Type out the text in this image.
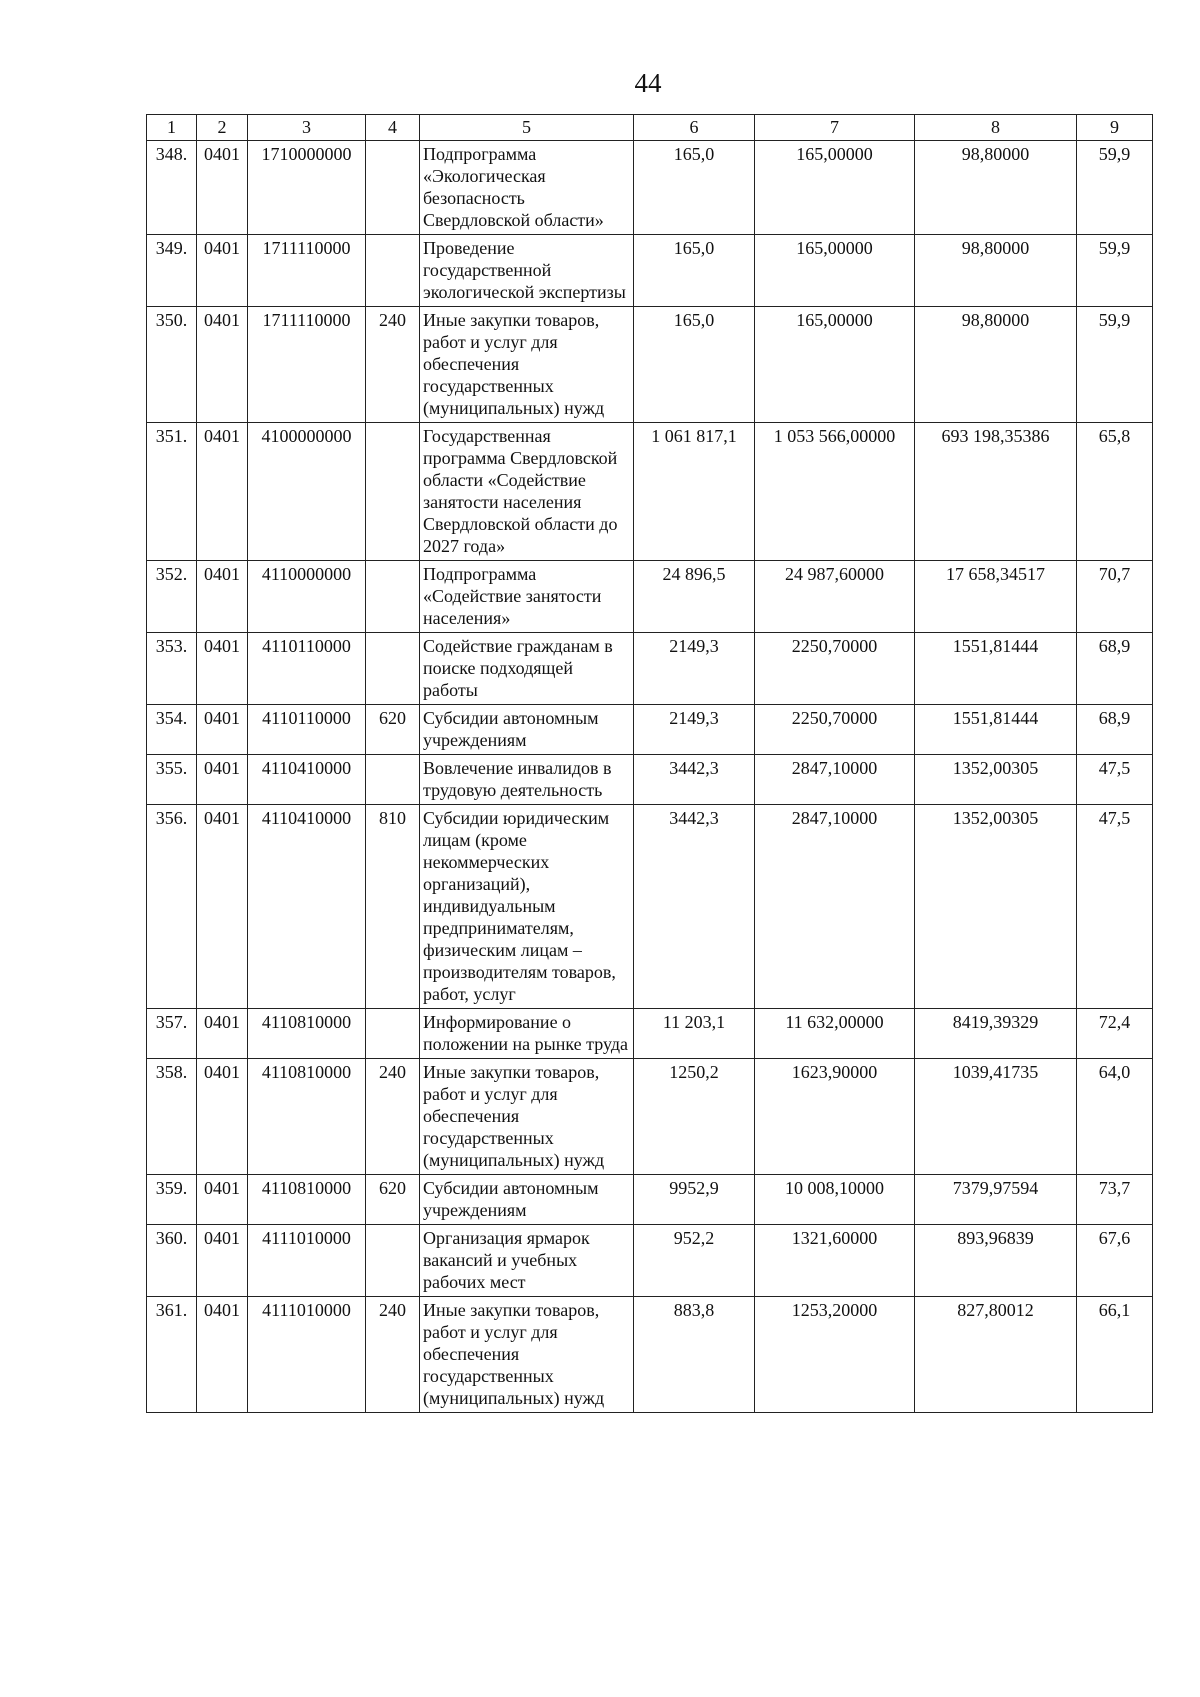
44
1	2	3	4	5	6	7	8	9
348.	0401	1710000000		Подпрограмма «Экологическая безопасность Свердловской области»	165,0	165,00000	98,80000	59,9
349.	0401	1711110000		Проведение государственной экологической экспертизы	165,0	165,00000	98,80000	59,9
350.	0401	1711110000	240	Иные закупки товаров, работ и услуг для обеспечения государственных (муниципальных) нужд	165,0	165,00000	98,80000	59,9
351.	0401	4100000000		Государственная программа Свердловской области «Содействие занятости населения Свердловской области до 2027 года»	1 061 817,1	1 053 566,00000	693 198,35386	65,8
352.	0401	4110000000		Подпрограмма «Содействие занятости населения»	24 896,5	24 987,60000	17 658,34517	70,7
353.	0401	4110110000		Содействие гражданам в поиске подходящей работы	2149,3	2250,70000	1551,81444	68,9
354.	0401	4110110000	620	Субсидии автономным учреждениям	2149,3	2250,70000	1551,81444	68,9
355.	0401	4110410000		Вовлечение инвалидов в трудовую деятельность	3442,3	2847,10000	1352,00305	47,5
356.	0401	4110410000	810	Субсидии юридическим лицам (кроме некоммерческих организаций), индивидуальным предпринимателям, физическим лицам – производителям товаров, работ, услуг	3442,3	2847,10000	1352,00305	47,5
357.	0401	4110810000		Информирование о положении на рынке труда	11 203,1	11 632,00000	8419,39329	72,4
358.	0401	4110810000	240	Иные закупки товаров, работ и услуг для обеспечения государственных (муниципальных) нужд	1250,2	1623,90000	1039,41735	64,0
359.	0401	4110810000	620	Субсидии автономным учреждениям	9952,9	10 008,10000	7379,97594	73,7
360.	0401	4111010000		Организация ярмарок вакансий и учебных рабочих мест	952,2	1321,60000	893,96839	67,6
361.	0401	4111010000	240	Иные закупки товаров, работ и услуг для обеспечения государственных (муниципальных) нужд	883,8	1253,20000	827,80012	66,1
